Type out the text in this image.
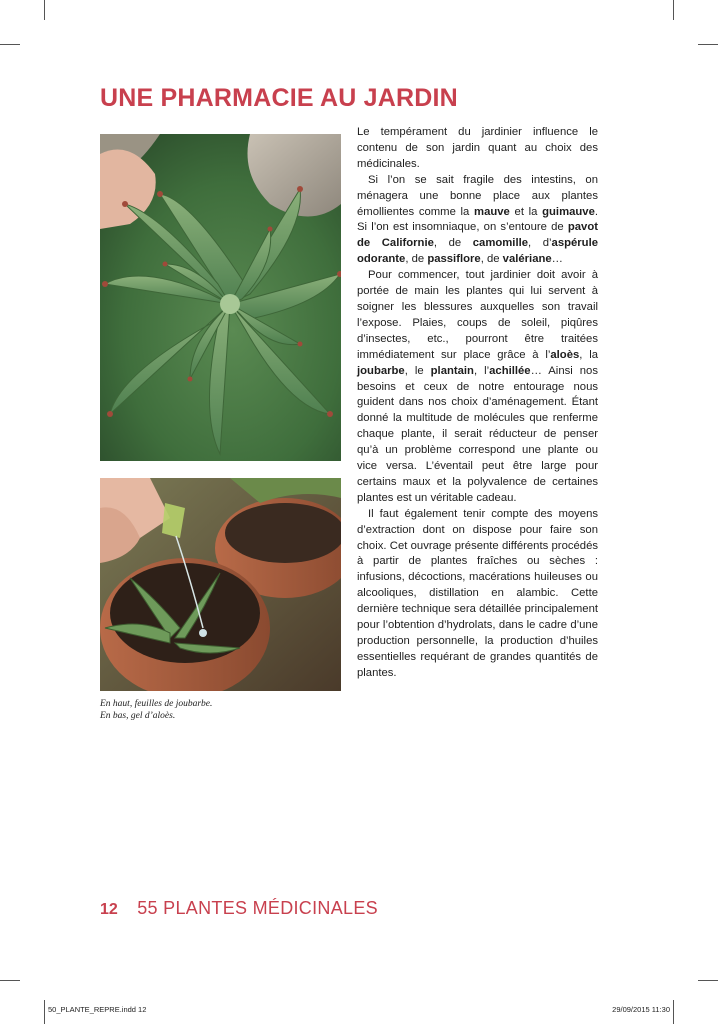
UNE PHARMACIE AU JARDIN
En haut, feuilles de joubarbe.
En bas, gel d’aloès.

Le tempérament du jardinier influence le contenu de son jardin quant au choix des médicinales.

Si l’on se sait fragile des intestins, on ménagera une bonne place aux plantes émollientes comme la mauve et la guimauve. Si l’on est insomniaque, on s’entoure de pavot de Californie, de camomille, d’aspérule odorante, de passiflore, de valériane…

Pour commencer, tout jardinier doit avoir à portée de main les plantes qui lui servent à soigner les blessures auxquelles son travail l’expose. Plaies, coups de soleil, piqûres d’insectes, etc., pourront être traitées immédiatement sur place grâce à l’aloès, la joubarbe, le plantain, l’achillée… Ainsi nos besoins et ceux de notre entourage nous guident dans nos choix d’aménagement. Étant donné la multitude de molécules que renferme chaque plante, il serait réducteur de penser qu’à un problème correspond une plante ou vice versa. L’éventail peut être large pour certains maux et la polyvalence de certaines plantes est un véritable cadeau.

Il faut également tenir compte des moyens d’extraction dont on dispose pour faire son choix. Cet ouvrage présente différents procédés à partir de plantes fraîches ou sèches : infusions, décoctions, macérations huileuses ou alcooliques, distillation en alambic. Cette dernière technique sera détaillée principalement pour l’obtention d’hydrolats, dans le cadre d’une production personnelle, la production d’huiles essentielles requérant de grandes quantités de plantes.

12 55 PLANTES MÉDICINALES
50_PLANTE_REPRE.indd 12	29/09/2015 11:30
